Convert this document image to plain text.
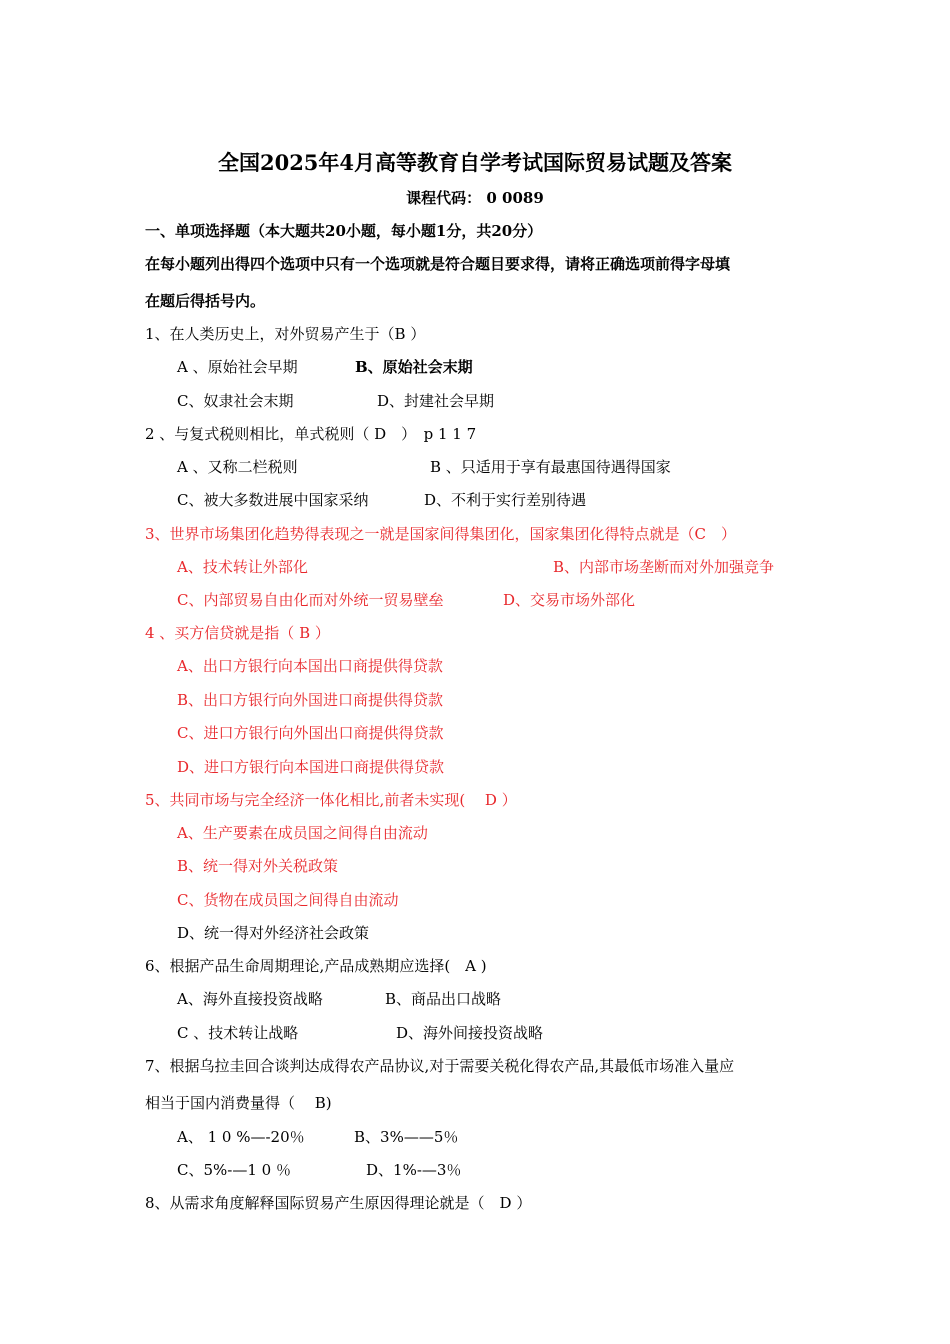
全国2025年4月高等教育自学考试国际贸易试题及答案
课程代码： 0 0089
一、单项选择题（本大题共20小题，每小题1分，共20分）
在每小题列出得四个选项中只有一个选项就是符合题目要求得，请将正确选项前得字母填
在题后得括号内。
1、在人类历史上，对外贸易产生于（B ）
A 、原始社会早期	B、原始社会末期
C、奴隶社会末期	D、封建社会早期
2 、与复式税则相比，单式税则（ D　）　p 1 1 7
A 、又称二栏税则	B 、只适用于享有最惠国待遇得国家
C、被大多数进展中国家采纳	D、不利于实行差别待遇
3、世界市场集团化趋势得表现之一就是国家间得集团化，国家集团化得特点就是（C　）
A、技术转让外部化	B、内部市场垄断而对外加强竞争
C、内部贸易自由化而对外统一贸易壁垒	D、交易市场外部化
4 、买方信贷就是指（ B ）
A、出口方银行向本国出口商提供得贷款
B、出口方银行向外国进口商提供得贷款
C、进口方银行向外国出口商提供得贷款
D、进口方银行向本国进口商提供得贷款
5、共同市场与完全经济一体化相比,前者未实现(　 D ）
A、生产要素在成员国之间得自由流动
B、统一得对外关税政策
C、货物在成员国之间得自由流动
D、统一得对外经济社会政策
6、根据产品生命周期理论,产品成熟期应选择(　A )
A、海外直接投资战略	B、商品出口战略
C 、技术转让战略	D、海外间接投资战略
7、根据乌拉圭回合谈判达成得农产品协议,对于需要关税化得农产品,其最低市场准入量应
相当于国内消费量得（　 B)
A、 1 0 %—-20％	B、3%——5％
C、5%-—1 0 ％	D、1%-—3％
8、从需求角度解释国际贸易产生原因得理论就是（　D ）
